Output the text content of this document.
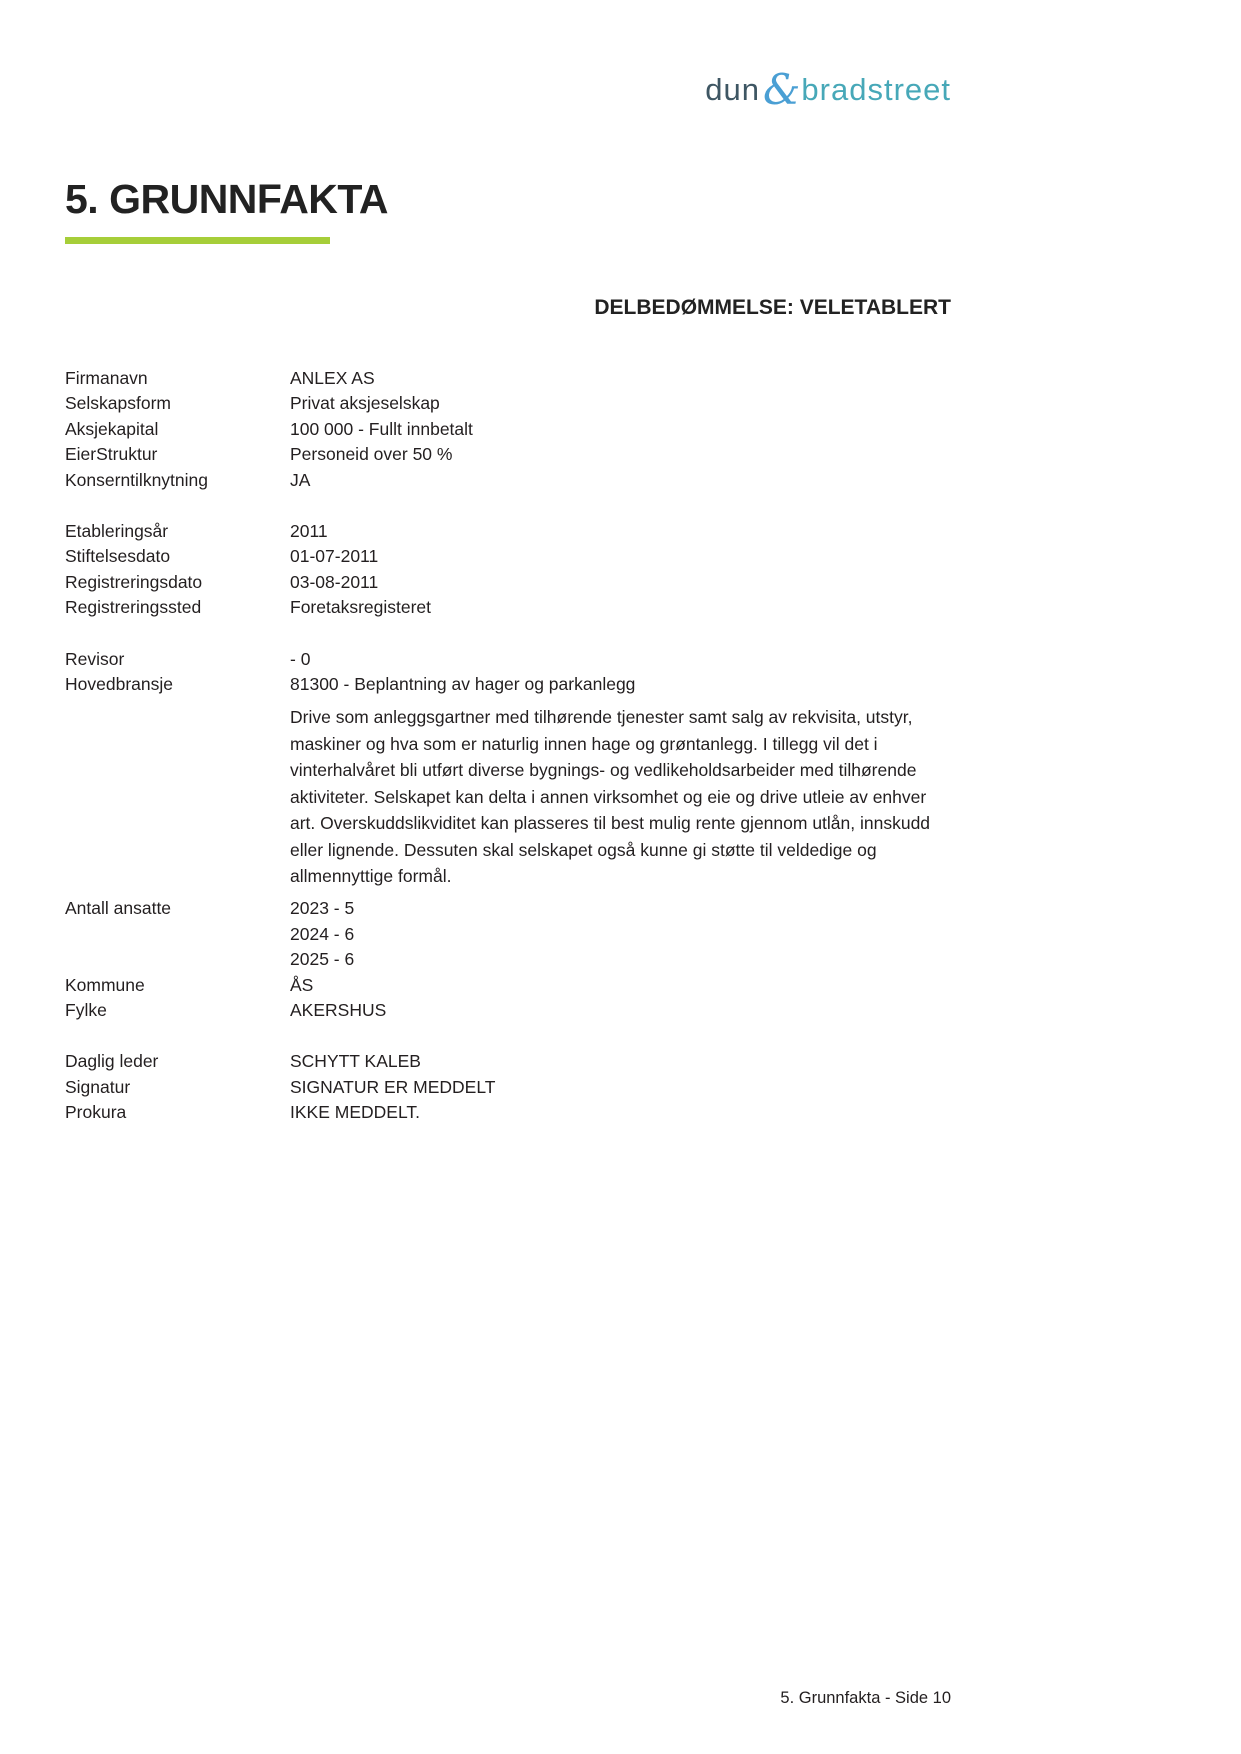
dun&bradstreet
5. GRUNNFAKTA
DELBEDØMMELSE: VELETABLERT
Firmanavn	ANLEX AS
Selskapsform	Privat aksjeselskap
Aksjekapital	100 000 - Fullt innbetalt
EierStruktur	Personeid over 50 %
Konserntilknytning	JA
Etableringsår	2011
Stiftelsesdato	01-07-2011
Registreringsdato	03-08-2011
Registreringssted	Foretaksregisteret
Revisor	- 0
Hovedbransje	81300 - Beplantning av hager og parkanlegg
Drive som anleggsgartner med tilhørende tjenester samt salg av rekvisita, utstyr, maskiner og hva som er naturlig innen hage og grøntanlegg. I tillegg vil det i vinterhalvåret bli utført diverse bygnings- og vedlikeholdsarbeider med tilhørende aktiviteter. Selskapet kan delta i annen virksomhet og eie og drive utleie av enhver art. Overskuddslikviditet kan plasseres til best mulig rente gjennom utlån, innskudd eller lignende. Dessuten skal selskapet også kunne gi støtte til veldedige og allmennyttige formål.
Antall ansatte	2023 - 5
2024 - 6
2025 - 6
Kommune	ÅS
Fylke	AKERSHUS
Daglig leder	SCHYTT KALEB
Signatur	SIGNATUR ER MEDDELT
Prokura	IKKE MEDDELT.
5. Grunnfakta - Side 10
